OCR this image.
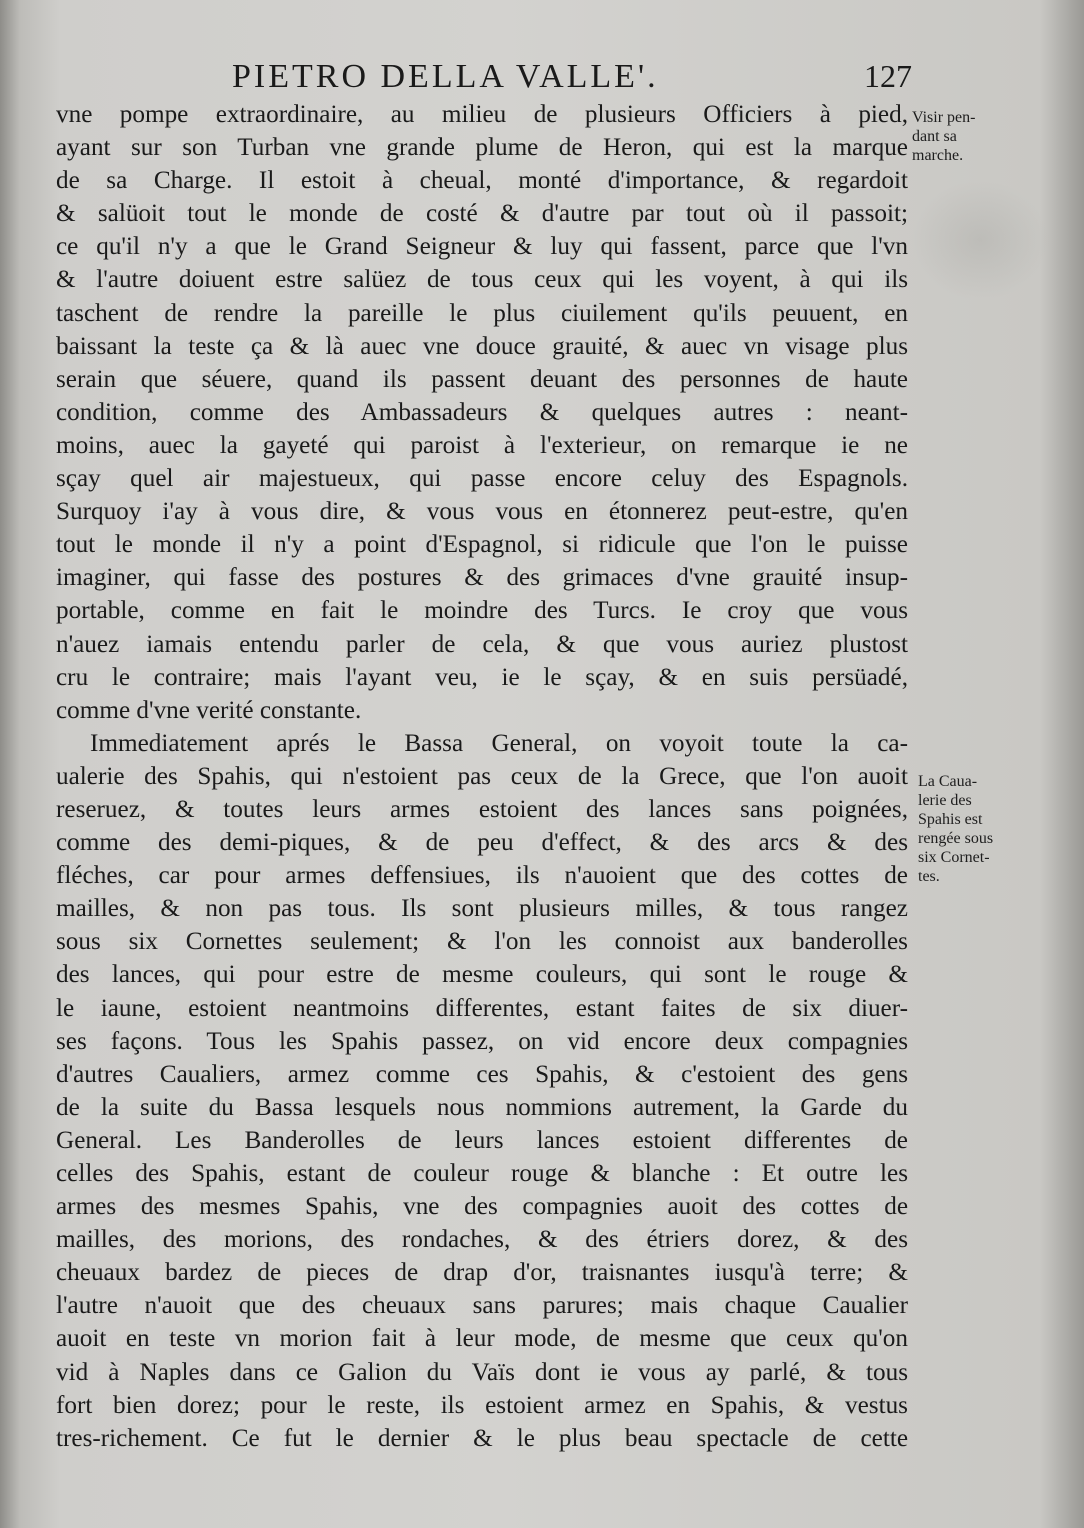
PIETRO DELLA VALLE'.	127
Visir pen-
dant sa
marche.
La Caua-
lerie des
Spahis est
rengée sous
six Cornet-
tes.
vne pompe extraordinaire, au milieu de plusieurs Officiers à pied,
ayant sur son Turban vne grande plume de Heron, qui est la marque
de sa Charge. Il estoit à cheual, monté d'importance, & regardoit
& salüoit tout le monde de costé & d'autre par tout où il passoit;
ce qu'il n'y a que le Grand Seigneur & luy qui fassent, parce que l'vn
& l'autre doiuent estre salüez de tous ceux qui les voyent, à qui ils
taschent de rendre la pareille le plus ciuilement qu'ils peuuent, en
baissant la teste ça & là auec vne douce grauité, & auec vn visage plus
serain que séuere, quand ils passent deuant des personnes de haute
condition, comme des Ambassadeurs & quelques autres : neant-
moins, auec la gayeté qui paroist à l'exterieur, on remarque ie ne
sçay quel air majestueux, qui passe encore celuy des Espagnols.
Surquoy i'ay à vous dire, & vous vous en étonnerez peut-estre, qu'en
tout le monde il n'y a point d'Espagnol, si ridicule que l'on le puisse
imaginer, qui fasse des postures & des grimaces d'vne grauité insup-
portable, comme en fait le moindre des Turcs. Ie croy que vous
n'auez iamais entendu parler de cela, & que vous auriez plustost
cru le contraire; mais l'ayant veu, ie le sçay, & en suis persüadé,
comme d'vne verité constante.
Immediatement aprés le Bassa General, on voyoit toute la ca-
ualerie des Spahis, qui n'estoient pas ceux de la Grece, que l'on auoit
reseruez, & toutes leurs armes estoient des lances sans poignées,
comme des demi-piques, & de peu d'effect, & des arcs & des
fléches, car pour armes deffensiues, ils n'auoient que des cottes de
mailles, & non pas tous. Ils sont plusieurs milles, & tous rangez
sous six Cornettes seulement; & l'on les connoist aux banderolles
des lances, qui pour estre de mesme couleurs, qui sont le rouge &
le iaune, estoient neantmoins differentes, estant faites de six diuer-
ses façons. Tous les Spahis passez, on vid encore deux compagnies
d'autres Caualiers, armez comme ces Spahis, & c'estoient des gens
de la suite du Bassa lesquels nous nommions autrement, la Garde du
General. Les Banderolles de leurs lances estoient differentes de
celles des Spahis, estant de couleur rouge & blanche : Et outre les
armes des mesmes Spahis, vne des compagnies auoit des cottes de
mailles, des morions, des rondaches, & des étriers dorez, & des
cheuaux bardez de pieces de drap d'or, traisnantes iusqu'à terre; &
l'autre n'auoit que des cheuaux sans parures; mais chaque Caualier
auoit en teste vn morion fait à leur mode, de mesme que ceux qu'on
vid à Naples dans ce Galion du Vaïs dont ie vous ay parlé, & tous
fort bien dorez; pour le reste, ils estoient armez en Spahis, & vestus
tres-richement. Ce fut le dernier & le plus beau spectacle de cette
